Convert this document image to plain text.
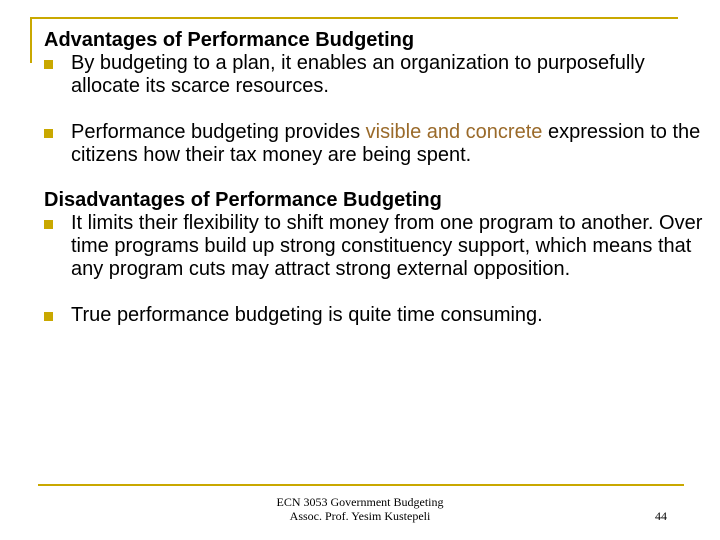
Advantages of Performance Budgeting

By budgeting to a plan, it enables an organization to purposefully allocate its scarce resources.

Performance budgeting provides visible and concrete expression to the citizens how their tax money are being spent.

Disadvantages of Performance Budgeting

It limits their flexibility to shift money from one program to another. Over time programs build up strong constituency support, which means that any program cuts may attract strong external opposition.

True performance budgeting is quite time consuming.

ECN 3053 Government Budgeting
Assoc. Prof. Yesim Kustepeli	44
